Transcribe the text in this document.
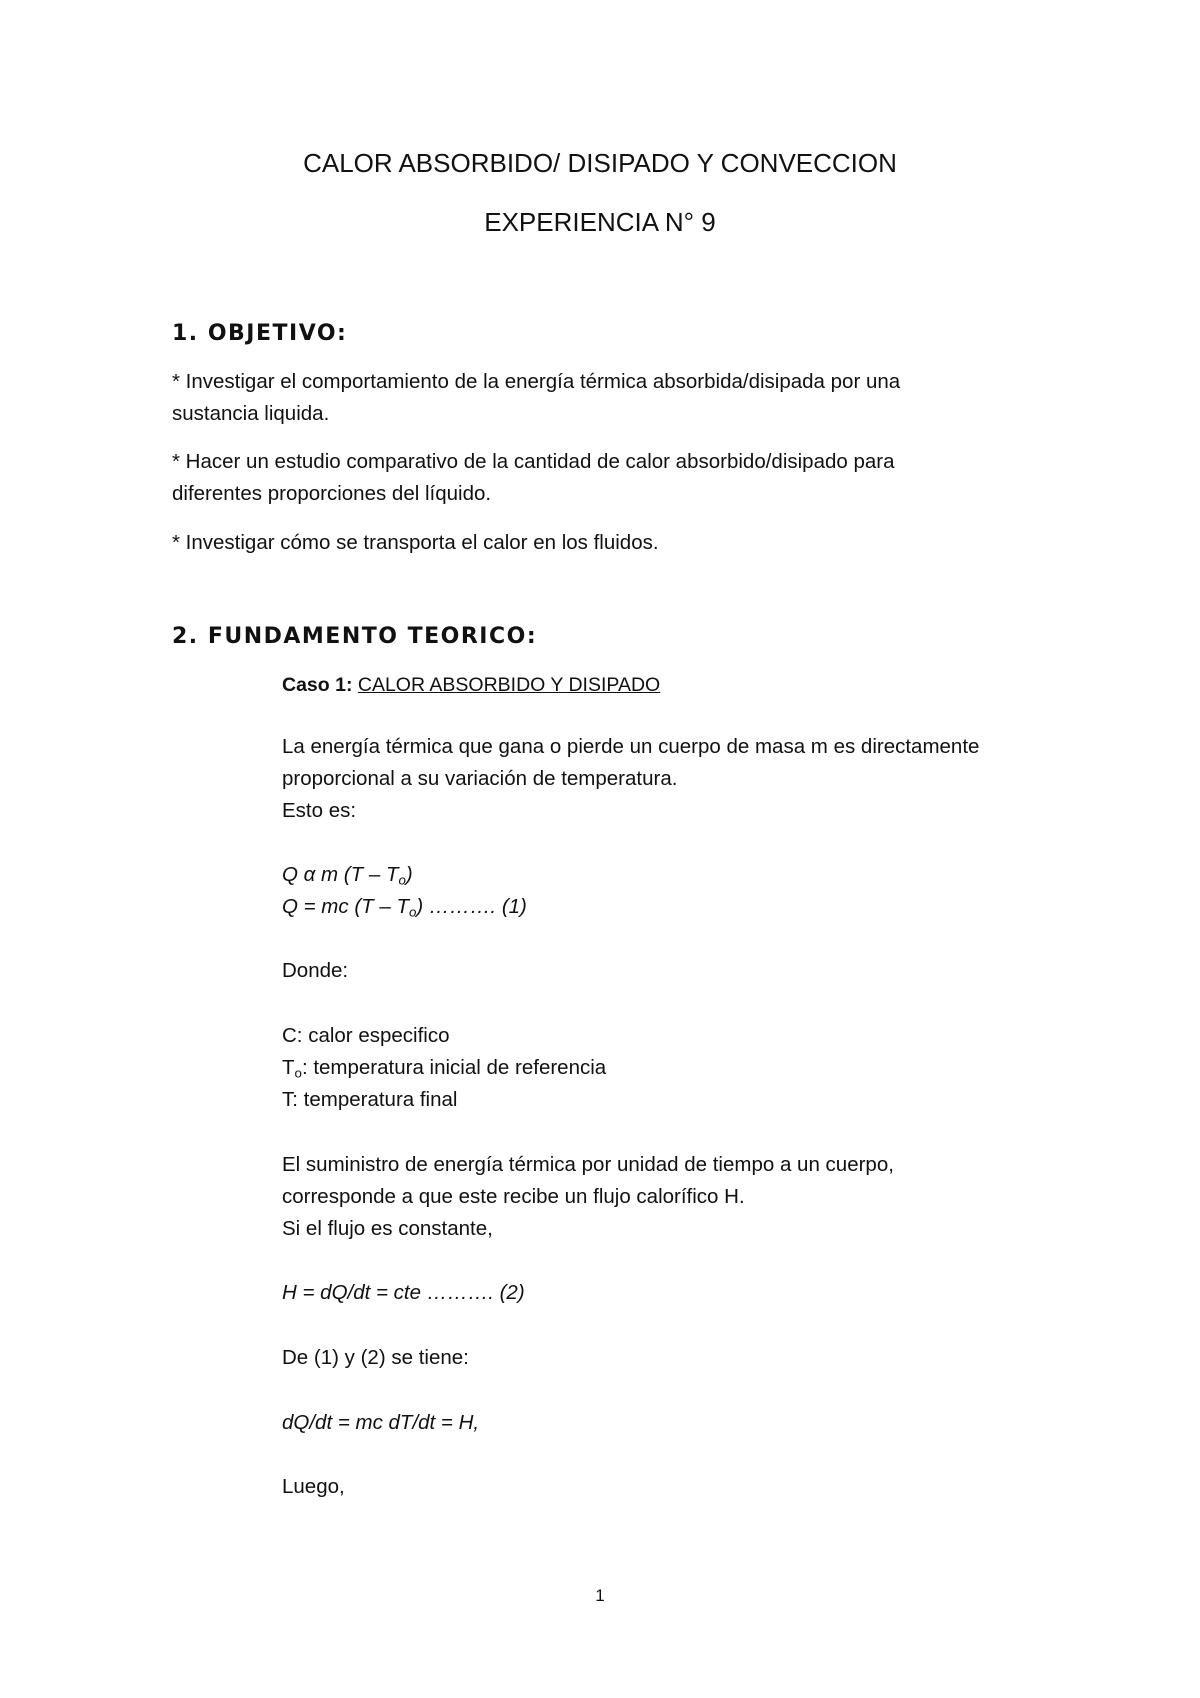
CALOR ABSORBIDO/ DISIPADO Y CONVECCION
EXPERIENCIA N° 9
1. OBJETIVO:
* Investigar el comportamiento de la energía térmica absorbida/disipada por una
sustancia liquida.
* Hacer un estudio comparativo de la cantidad de calor absorbido/disipado para
diferentes proporciones del líquido.
* Investigar cómo se transporta el calor en los fluidos.
2. FUNDAMENTO TEORICO:
Caso 1: CALOR ABSORBIDO Y DISIPADO
La energía térmica que gana o pierde un cuerpo de masa m es directamente
proporcional a su variación de temperatura.
Esto es:
Q α m $(T - T_o)$
Q = mc $(T - T_o)$ ………. (1)
Donde:
C: calor especifico
$T_o$: temperatura inicial de referencia
T: temperatura final
El suministro de energía térmica por unidad de tiempo a un cuerpo,
corresponde a que este recibe un flujo calorífico H.
Si el flujo es constante,
H = dQ/dt = cte ………. (2)
De (1) y (2) se tiene:
dQ/dt = mc dT/dt = H,
Luego,
1
